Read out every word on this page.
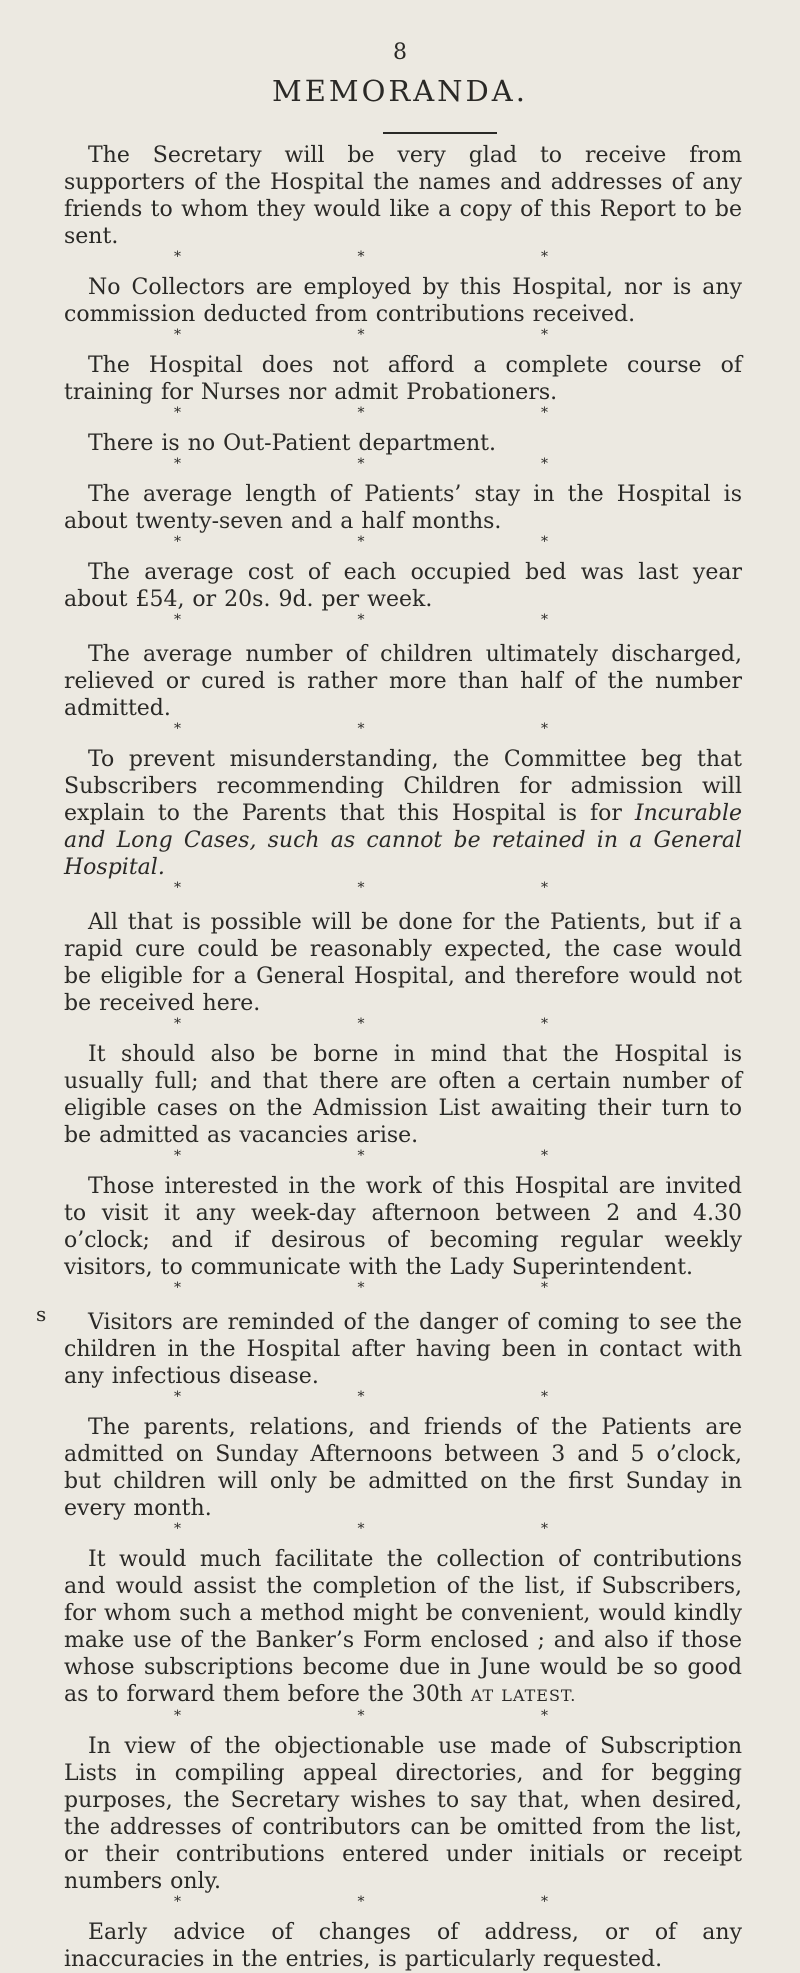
8
MEMORANDA.

The Secretary will be very glad to receive from supporters of the Hospital the names and addresses of any friends to whom they would like a copy of this Report to be sent.

* * *

No Collectors are employed by this Hospital, nor is any commission deducted from contributions received.

* * *

The Hospital does not afford a complete course of training for Nurses nor admit Probationers.

* * *

There is no Out-Patient department.

* * *

The average length of Patients’ stay in the Hospital is about twenty-seven and a half months.

* * *

The average cost of each occupied bed was last year about £54, or 20s. 9d. per week.

* * *

The average number of children ultimately discharged, relieved or cured is rather more than half of the number admitted.

* * *

To prevent misunderstanding, the Committee beg that Subscribers recommending Children for admission will explain to the Parents that this Hospital is for Incurable and Long Cases, such as cannot be retained in a General Hospital.

* * *

All that is possible will be done for the Patients, but if a rapid cure could be reasonably expected, the case would be eligible for a General Hospital, and therefore would not be received here.

* * *

It should also be borne in mind that the Hospital is usually full; and that there are often a certain number of eligible cases on the Admission List awaiting their turn to be admitted as vacancies arise.

* * *

Those interested in the work of this Hospital are invited to visit it any week-day afternoon between 2 and 4.30 o’clock; and if desirous of becoming regular weekly visitors, to communicate with the Lady Superintendent.

* * *

Visitors are reminded of the danger of coming to see the children in the Hospital after having been in contact with any infectious disease.

* * *

The parents, relations, and friends of the Patients are admitted on Sunday Afternoons between 3 and 5 o’clock, but children will only be admitted on the first Sunday in every month.

* * *

It would much facilitate the collection of contributions and would assist the completion of the list, if Subscribers, for whom such a method might be convenient, would kindly make use of the Banker’s Form enclosed ; and also if those whose subscriptions become due in June would be so good as to forward them before the 30th AT LATEST.

* * *

In view of the objectionable use made of Subscription Lists in compiling appeal directories, and for begging purposes, the Secretary wishes to say that, when desired, the addresses of contributors can be omitted from the list, or their contributions entered under initials or receipt numbers only.

* * *

Early advice of changes of address, or of any inaccuracies in the entries, is particularly requested.

s
